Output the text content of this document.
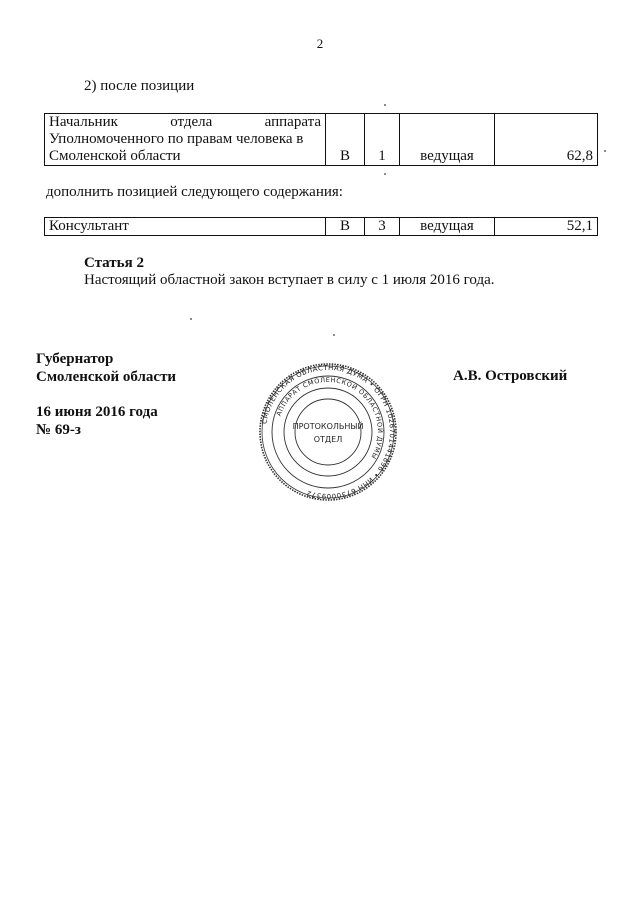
2
2) после позиции
Начальник	отдела	аппарата
Уполномоченного по правам человека в
Смоленской области	В	1	ведущая	62,8
дополнить позицией следующего содержания:
Консультант	В	3	ведущая	52,1
Статья 2
Настоящий областной закон вступает в силу с 1 июля 2016 года.
Губернатор
Смоленской области	А.В. Островский
16 июня 2016 года
№ 69-з
СМОЛЕНСКАЯ ОБЛАСТНАЯ ДУМА • ОГРН 1026701441896 • ИНН 6730009372
АППАРАТ СМОЛЕНСКОЙ ОБЛАСТНОЙ ДУМЫ
ПРОТОКОЛЬНЫЙ
ОТДЕЛ
